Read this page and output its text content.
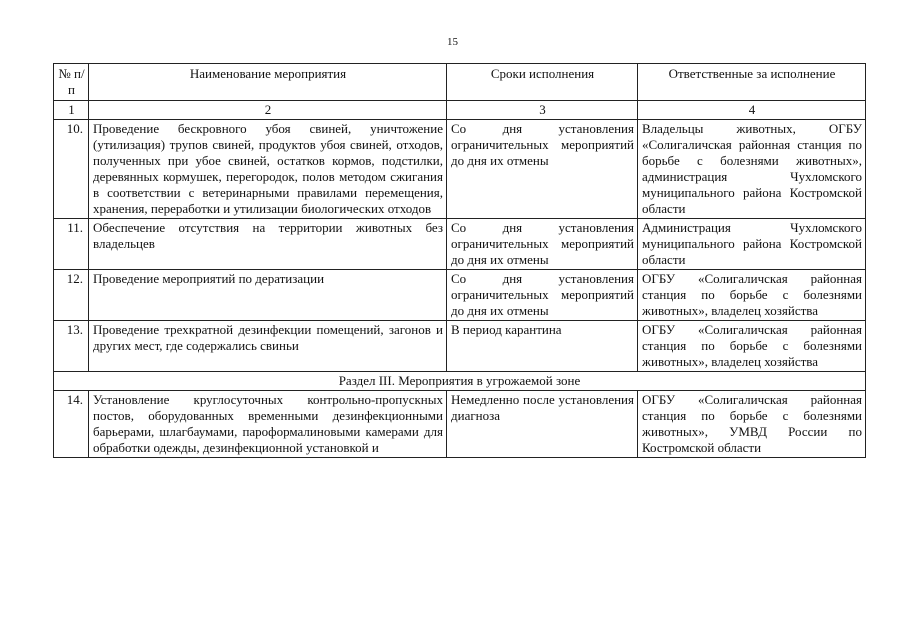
15
№ п/п	Наименование мероприятия	Сроки исполнения	Ответственные за исполнение
1	2	3	4
10.	Проведение бескровного убоя свиней, уничтожение (утилизация) трупов свиней, продуктов убоя свиней, отходов, полученных при убое свиней, остатков кормов, подстилки, деревянных кормушек, перегородок, полов методом сжигания в соответствии с ветеринарными правилами перемещения, хранения, переработки и утилизации биологических отходов	Со дня установления ограничительных мероприятий до дня их отмены	Владельцы животных, ОГБУ «Солигаличская районная станция по борьбе с болезнями животных», администрация Чухломского муниципального района Костромской области
11.	Обеспечение отсутствия на территории животных без владельцев	Со дня установления ограничительных мероприятий до дня их отмены	Администрация Чухломского муниципального района Костромской области
12.	Проведение мероприятий по дератизации	Со дня установления ограничительных мероприятий до дня их отмены	ОГБУ «Солигаличская районная станция по борьбе с болезнями животных», владелец хозяйства
13.	Проведение трехкратной дезинфекции помещений, загонов и других мест, где содержались свиньи	В период карантина	ОГБУ «Солигаличская районная станция по борьбе с болезнями животных», владелец хозяйства
Раздел III. Мероприятия в угрожаемой зоне			
14.	Установление круглосуточных контрольно-пропускных постов, оборудованных временными дезинфекционными барьерами, шлагбаумами, пароформалиновыми камерами для обработки одежды, дезинфекционной установкой и	Немедленно после установления диагноза	ОГБУ «Солигаличская районная станция по борьбе с болезнями животных», УМВД России по Костромской области
